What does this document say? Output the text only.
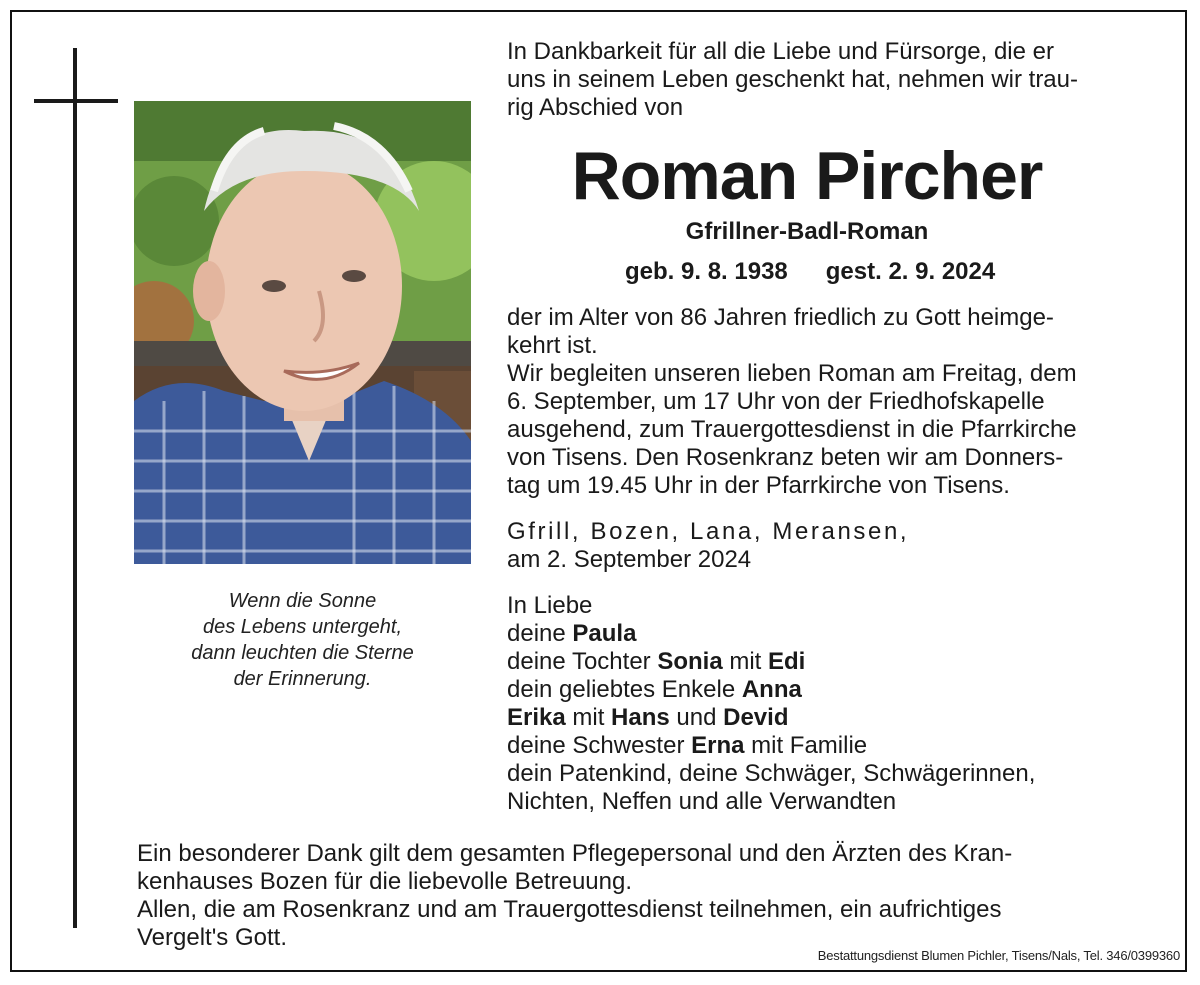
Wenn die Sonne
des Lebens untergeht,
dann leuchten die Sterne
der Erinnerung.
In Dankbarkeit für all die Liebe und Fürsorge, die er
uns in seinem Leben geschenkt hat, nehmen wir trau-
rig Abschied von
Roman Pircher
Gfrillner-Badl-Roman
geb. 9. 8. 1938 gest. 2. 9. 2024
der im Alter von 86 Jahren friedlich zu Gott heimge-
kehrt ist.
Wir begleiten unseren lieben Roman am Freitag, dem
6. September, um 17 Uhr von der Friedhofskapelle
ausgehend, zum Trauergottesdienst in die Pfarrkirche
von Tisens. Den Rosenkranz beten wir am Donners-
tag um 19.45 Uhr in der Pfarrkirche von Tisens.
Gfrill, Bozen, Lana, Meransen,
am 2. September 2024
In Liebe
deine Paula
deine Tochter Sonia mit Edi
dein geliebtes Enkele Anna
Erika mit Hans und Devid
deine Schwester Erna mit Familie
dein Patenkind, deine Schwäger, Schwägerinnen,
Nichten, Neffen und alle Verwandten
Ein besonderer Dank gilt dem gesamten Pflegepersonal und den Ärzten des Kran-
kenhauses Bozen für die liebevolle Betreuung.
Allen, die am Rosenkranz und am Trauergottesdienst teilnehmen, ein aufrichtiges
Vergelt's Gott.
Bestattungsdienst Blumen Pichler, Tisens/Nals, Tel. 346/0399360
